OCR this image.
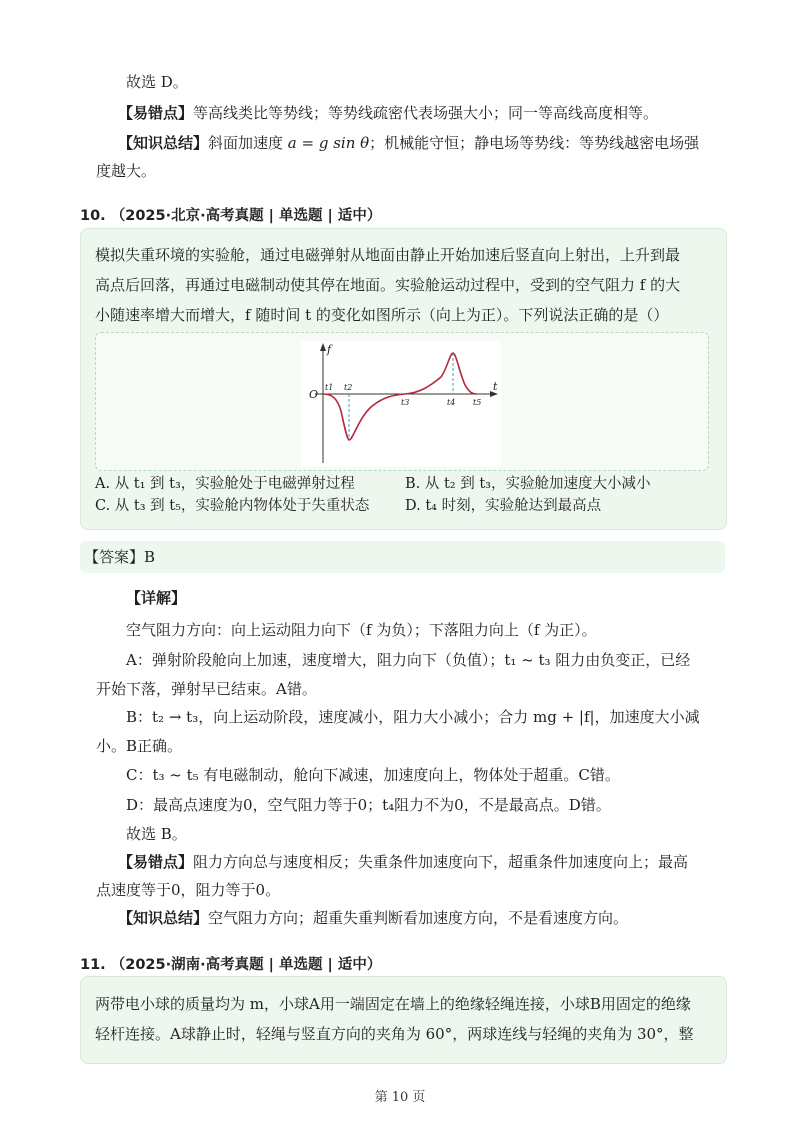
故选 D。
【易错点】等高线类比等势线；等势线疏密代表场强大小；同一等高线高度相等。
【知识总结】斜面加速度 a = g sin θ；机械能守恒；静电场等势线：等势线越密电场强
度越大。
10. （2025·北京·高考真题 | 单选题 | 适中）
模拟失重环境的实验舱，通过电磁弹射从地面由静止开始加速后竖直向上射出，上升到最
高点后回落，再通过电磁制动使其停在地面。实验舱运动过程中，受到的空气阻力 f 的大
小随速率增大而增大，f 随时间 t 的变化如图所示（向上为正）。下列说法正确的是（）
f
t
O
t1 t2
t3	t4 t5
A. 从 t₁ 到 t₃，实验舱处于电磁弹射过程	B. 从 t₂ 到 t₃，实验舱加速度大小减小
C. 从 t₃ 到 t₅，实验舱内物体处于失重状态 D. t₄ 时刻，实验舱达到最高点
【答案】B
【详解】
空气阻力方向：向上运动阻力向下（f 为负）；下落阻力向上（f 为正）。
A：弹射阶段舱向上加速，速度增大，阻力向下（负值）；t₁ ~ t₃ 阻力由负变正，已经
开始下落，弹射早已结束。A错。
B：t₂ → t₃，向上运动阶段，速度减小，阻力大小减小；合力 mg + |f|，加速度大小减
小。B正确。
C：t₃ ~ t₅ 有电磁制动，舱向下减速，加速度向上，物体处于超重。C错。
D：最高点速度为0，空气阻力等于0；t₄阻力不为0，不是最高点。D错。
故选 B。
【易错点】阻力方向总与速度相反；失重条件加速度向下，超重条件加速度向上；最高
点速度等于0，阻力等于0。
【知识总结】空气阻力方向；超重失重判断看加速度方向，不是看速度方向。
11. （2025·湖南·高考真题 | 单选题 | 适中）
两带电小球的质量均为 m，小球A用一端固定在墙上的绝缘轻绳连接，小球B用固定的绝缘
轻杆连接。A球静止时，轻绳与竖直方向的夹角为 60°，两球连线与轻绳的夹角为 30°，整
第 10 页
